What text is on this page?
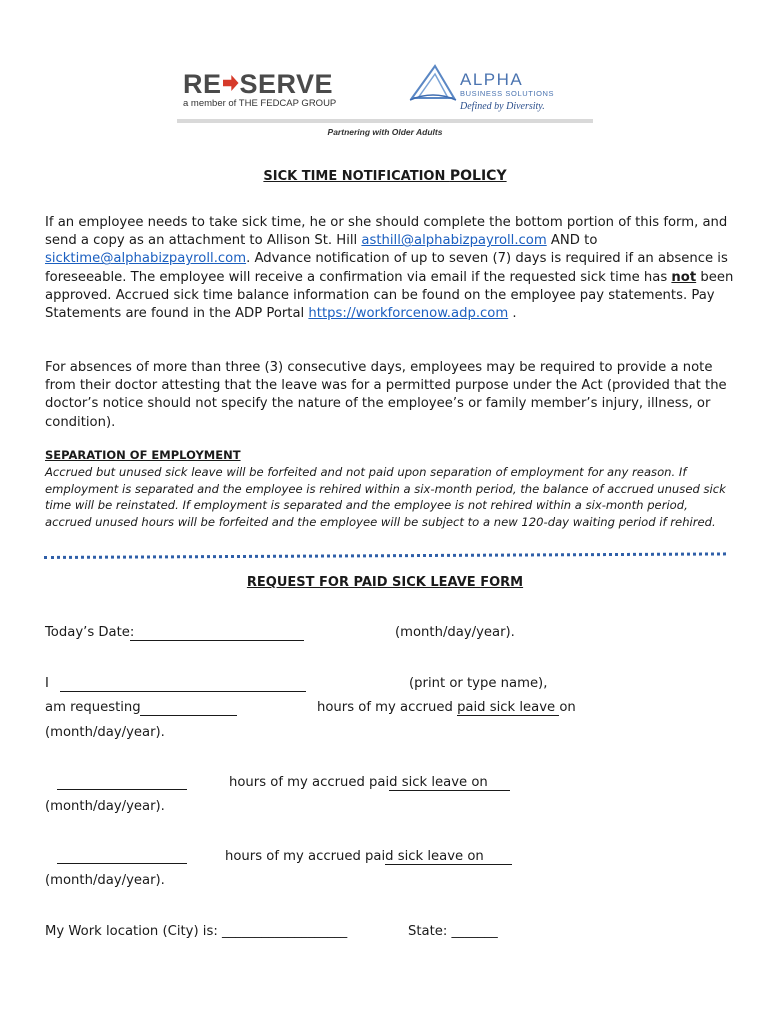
RE SERVE
a member of THE FEDCAP GROUP
ALPHA
BUSINESS SOLUTIONS
Defined by Diversity.
Partnering with Older Adults
SICK TIME NOTIFICATION POLICY
If an employee needs to take sick time, he or she should complete the bottom portion of this form, and send a copy as an attachment to Allison St. Hill asthill@alphabizpayroll.com AND to sicktime@alphabizpayroll.com. Advance notification of up to seven (7) days is required if an absence is foreseeable. The employee will receive a confirmation via email if the requested sick time has not been approved. Accrued sick time balance information can be found on the employee pay statements. Pay Statements are found in the ADP Portal https://workforcenow.adp.com .
For absences of more than three (3) consecutive days, employees may be required to provide a note from their doctor attesting that the leave was for a permitted purpose under the Act (provided that the doctor’s notice should not specify the nature of the employee’s or family member’s injury, illness, or condition).
SEPARATION OF EMPLOYMENT
Accrued but unused sick leave will be forfeited and not paid upon separation of employment for any reason. If employment is separated and the employee is rehired within a six-month period, the balance of accrued unused sick time will be reinstated. If employment is separated and the employee is not rehired within a six-month period, accrued unused hours will be forfeited and the employee will be subject to a new 120-day waiting period if rehired.
REQUEST FOR PAID SICK LEAVE FORM
Today’s Date:	(month/day/year).
I	(print or type name),
am requesting	hours of my accrued paid sick leave on
(month/day/year).
hours of my accrued paid sick leave on
(month/day/year).
hours of my accrued paid sick leave on
(month/day/year).
My Work location (City) is: ___________________	State: _______
